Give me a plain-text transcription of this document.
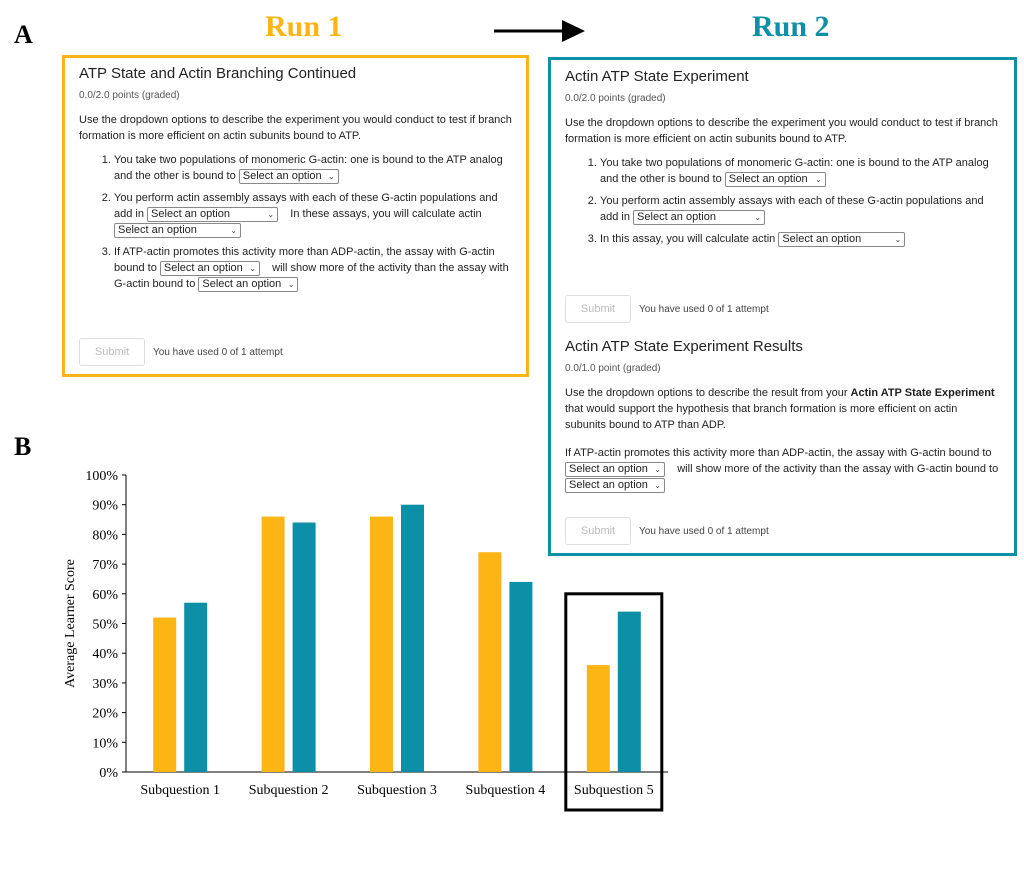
A
B
Run 1	Run 2
ATP State and Actin Branching Continued
0.0/2.0 points (graded)
Use the dropdown options to describe the experiment you would conduct to test if branch formation is more efficient on actin subunits bound to ATP.
1. You take two populations of monomeric G-actin: one is bound to the ATP analog and the other is bound to Select an option ⌄
2. You perform actin assembly assays with each of these G-actin populations and add in Select an option	⌄ In these assays, you will calculate actin Select an option	⌄
3. If ATP-actin promotes this activity more than ADP-actin, the assay with G-actin bound to Select an option ⌄ will show more of the activity than the assay with G-actin bound to Select an option ⌄
Submit	You have used 0 of 1 attempt
Actin ATP State Experiment
0.0/2.0 points (graded)
Use the dropdown options to describe the experiment you would conduct to test if branch formation is more efficient on actin subunits bound to ATP.
1. You take two populations of monomeric G-actin: one is bound to the ATP analog and the other is bound to Select an option ⌄
2. You perform actin assembly assays with each of these G-actin populations and add in Select an option	⌄
3. In this assay, you will calculate actin Select an option	⌄
Submit	You have used 0 of 1 attempt
Actin ATP State Experiment Results
0.0/1.0 point (graded)
Use the dropdown options to describe the result from your Actin ATP State Experiment that would support the hypothesis that branch formation is more efficient on actin subunits bound to ATP than ADP.
If ATP-actin promotes this activity more than ADP-actin, the assay with G-actin bound to Select an option ⌄ will show more of the activity than the assay with G-actin bound to Select an option ⌄
Submit	You have used 0 of 1 attempt
0%
10%
20%
30%
40%
50%
60%
70%
80%
90%
100%
Average Learner Score
Subquestion 1 Subquestion 2 Subquestion 3 Subquestion 4 Subquestion 5
